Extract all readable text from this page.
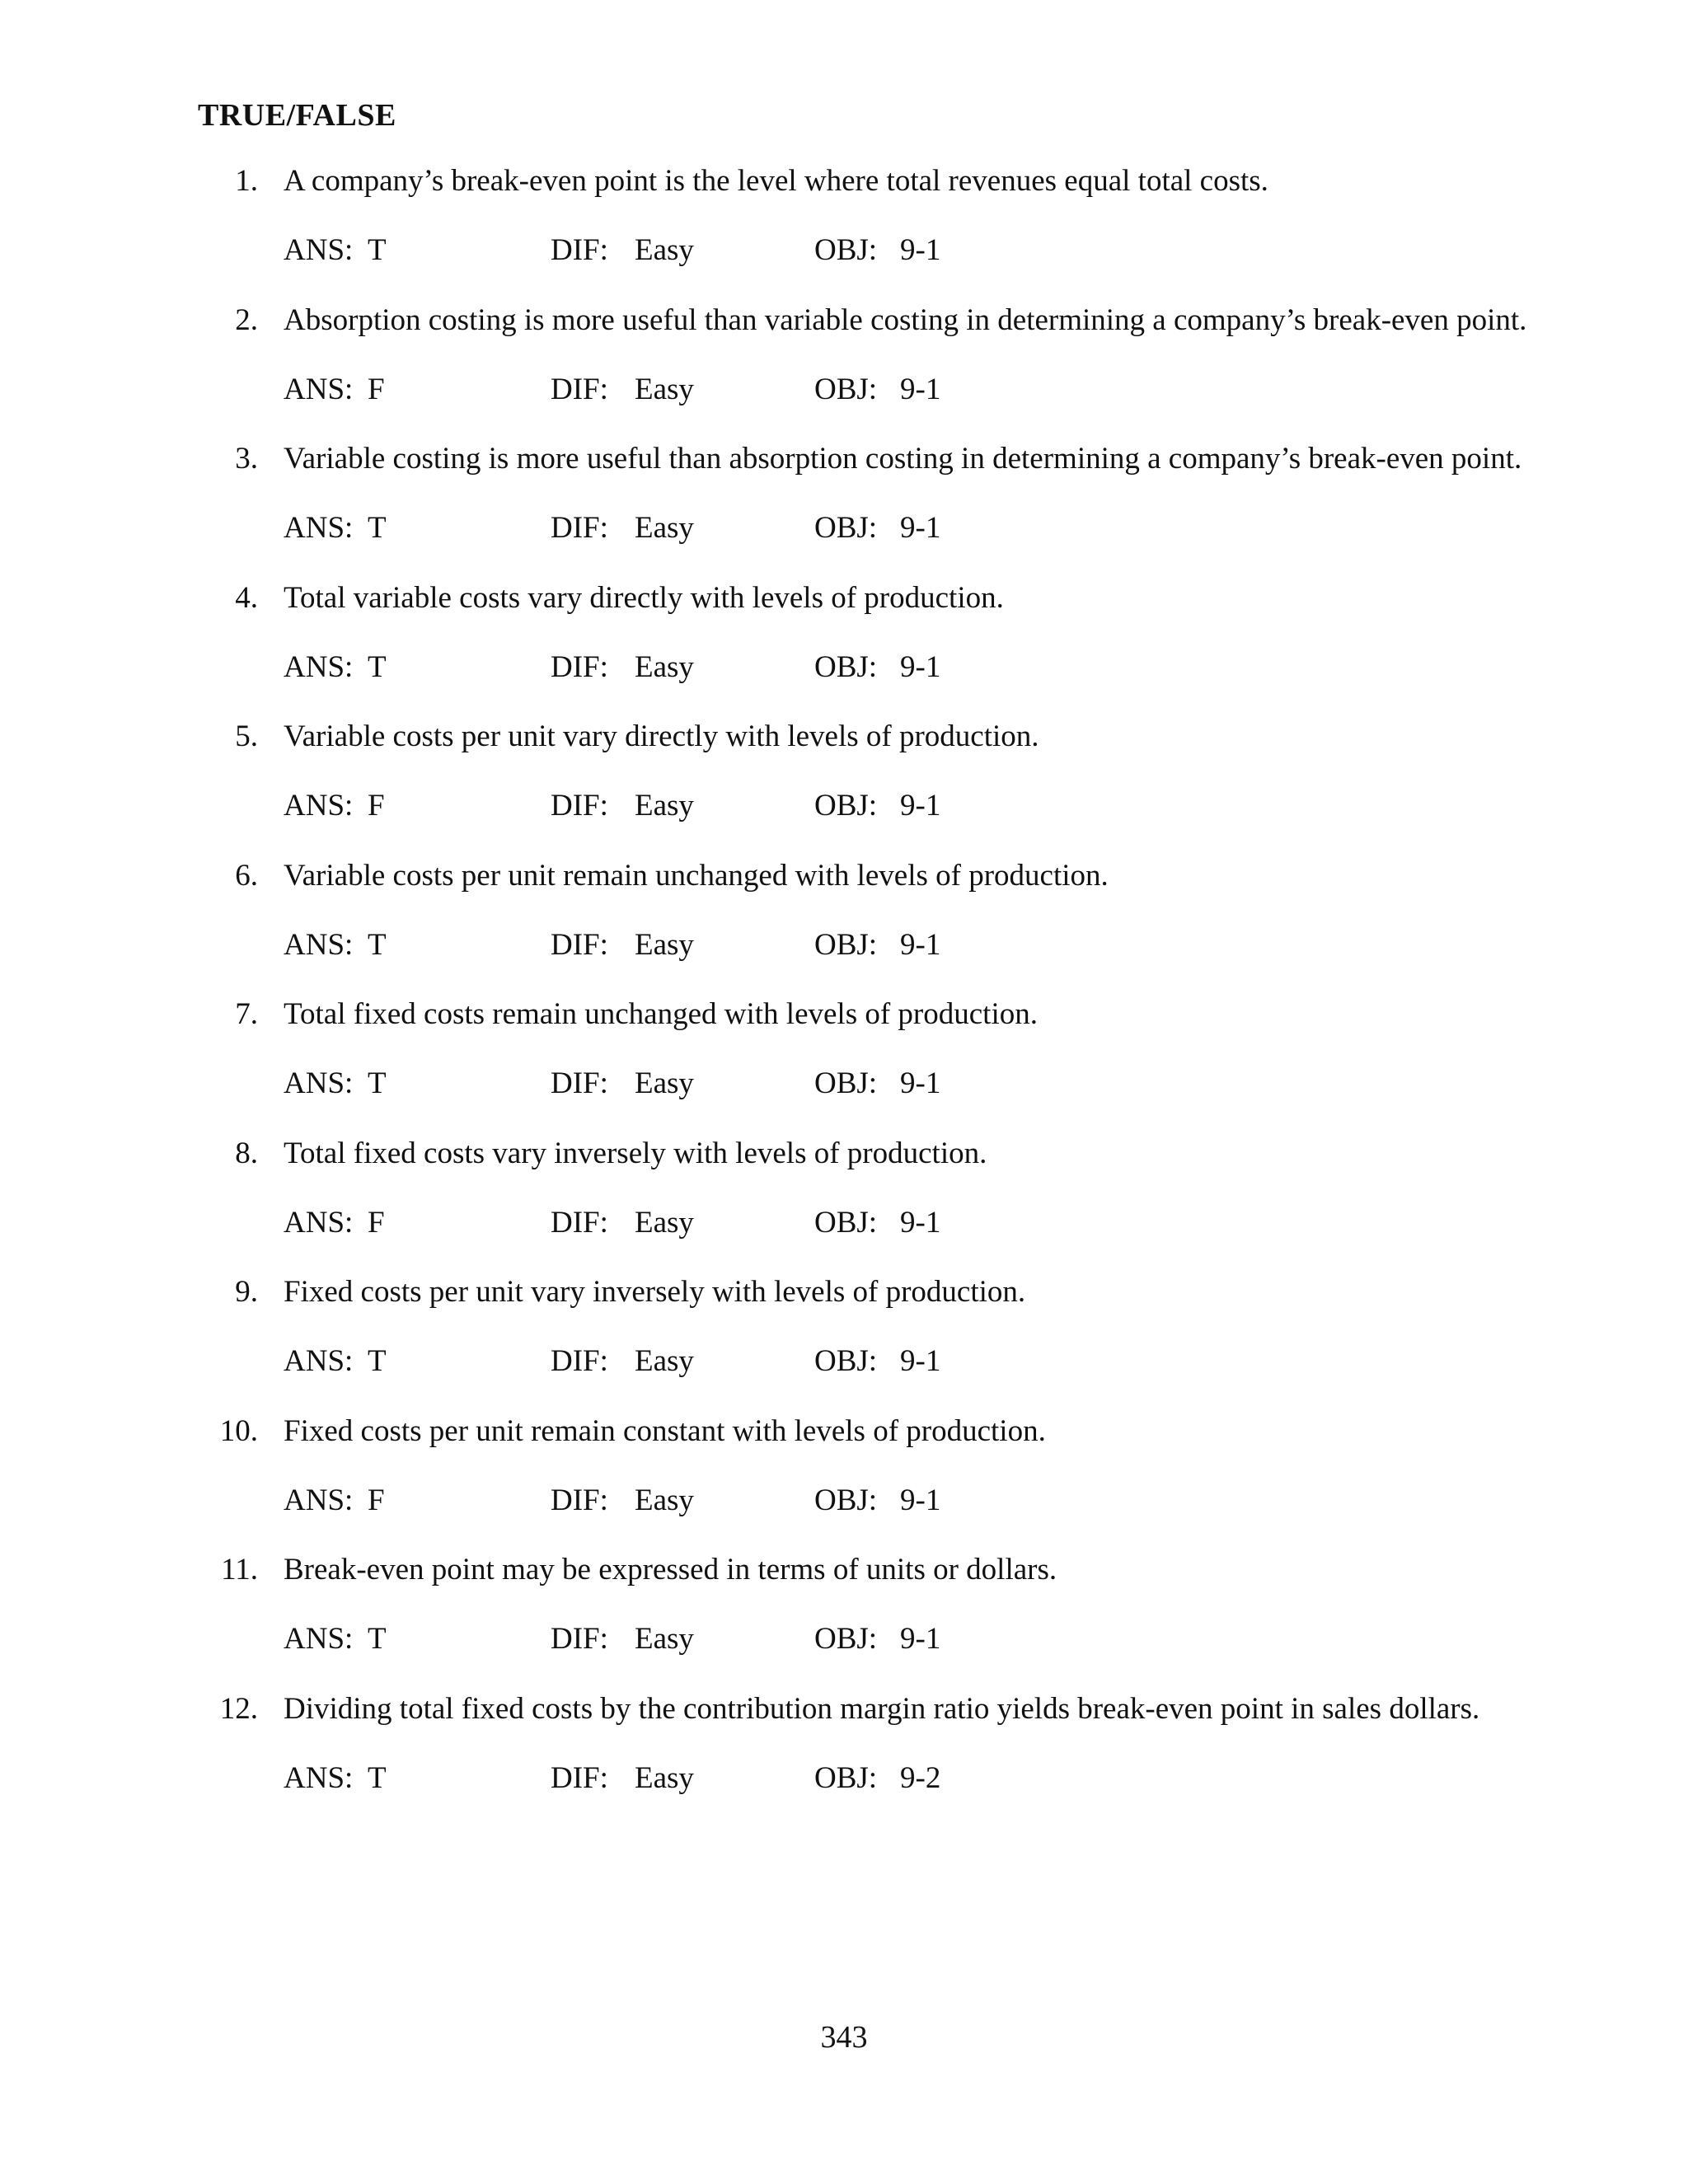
TRUE/FALSE
1. A company’s break-even point is the level where total revenues equal total costs.
ANS: T	DIF: Easy	OBJ: 9-1
2. Absorption costing is more useful than variable costing in determining a company’s break-even point.
ANS: F	DIF: Easy	OBJ: 9-1
3. Variable costing is more useful than absorption costing in determining a company’s break-even point.
ANS: T	DIF: Easy	OBJ: 9-1
4. Total variable costs vary directly with levels of production.
ANS: T	DIF: Easy	OBJ: 9-1
5. Variable costs per unit vary directly with levels of production.
ANS: F	DIF: Easy	OBJ: 9-1
6. Variable costs per unit remain unchanged with levels of production.
ANS: T	DIF: Easy	OBJ: 9-1
7. Total fixed costs remain unchanged with levels of production.
ANS: T	DIF: Easy	OBJ: 9-1
8. Total fixed costs vary inversely with levels of production.
ANS: F	DIF: Easy	OBJ: 9-1
9. Fixed costs per unit vary inversely with levels of production.
ANS: T	DIF: Easy	OBJ: 9-1
10. Fixed costs per unit remain constant with levels of production.
ANS: F	DIF: Easy	OBJ: 9-1
11. Break-even point may be expressed in terms of units or dollars.
ANS: T	DIF: Easy	OBJ: 9-1
12. Dividing total fixed costs by the contribution margin ratio yields break-even point in sales dollars.
ANS: T	DIF: Easy	OBJ: 9-2
343
